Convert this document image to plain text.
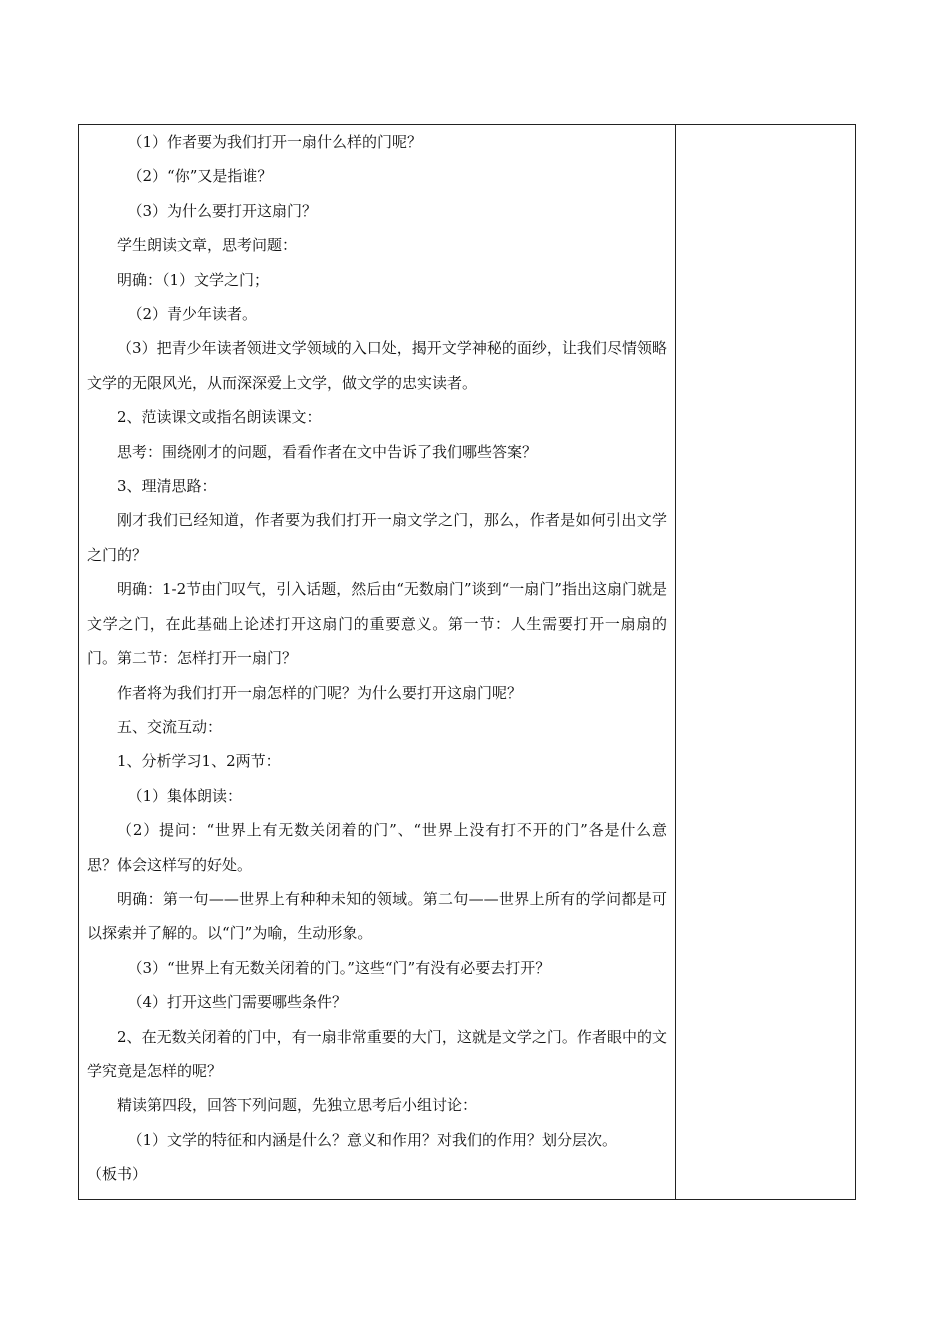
（1）作者要为我们打开一扇什么样的门呢？

（2）“你”又是指谁？

（3）为什么要打开这扇门？

学生朗读文章，思考问题：

明确：（1）文学之门；

（2）青少年读者。

（3）把青少年读者领进文学领域的入口处，揭开文学神秘的面纱，让我们尽情领略文学的无限风光，从而深深爱上文学，做文学的忠实读者。

2、范读课文或指名朗读课文：

思考：围绕刚才的问题，看看作者在文中告诉了我们哪些答案？

3、理清思路：

刚才我们已经知道，作者要为我们打开一扇文学之门，那么，作者是如何引出文学之门的？

明确：1-2节由门叹气，引入话题，然后由“无数扇门”谈到“一扇门”指出这扇门就是文学之门，在此基础上论述打开这扇门的重要意义。第一节：人生需要打开一扇扇的门。第二节：怎样打开一扇门？

作者将为我们打开一扇怎样的门呢？为什么要打开这扇门呢？

五、交流互动：

1、分析学习1、2两节：

（1）集体朗读：

（2）提问：“世界上有无数关闭着的门”、“世界上没有打不开的门”各是什么意思？体会这样写的好处。

明确：第一句——世界上有种种未知的领域。第二句——世界上所有的学问都是可以探索并了解的。以“门”为喻，生动形象。

（3）“世界上有无数关闭着的门。”这些“门”有没有必要去打开？

（4）打开这些门需要哪些条件？

2、在无数关闭着的门中，有一扇非常重要的大门，这就是文学之门。作者眼中的文学究竟是怎样的呢？

精读第四段，回答下列问题，先独立思考后小组讨论：

（1）文学的特征和内涵是什么？意义和作用？对我们的作用？划分层次。

（板书）
